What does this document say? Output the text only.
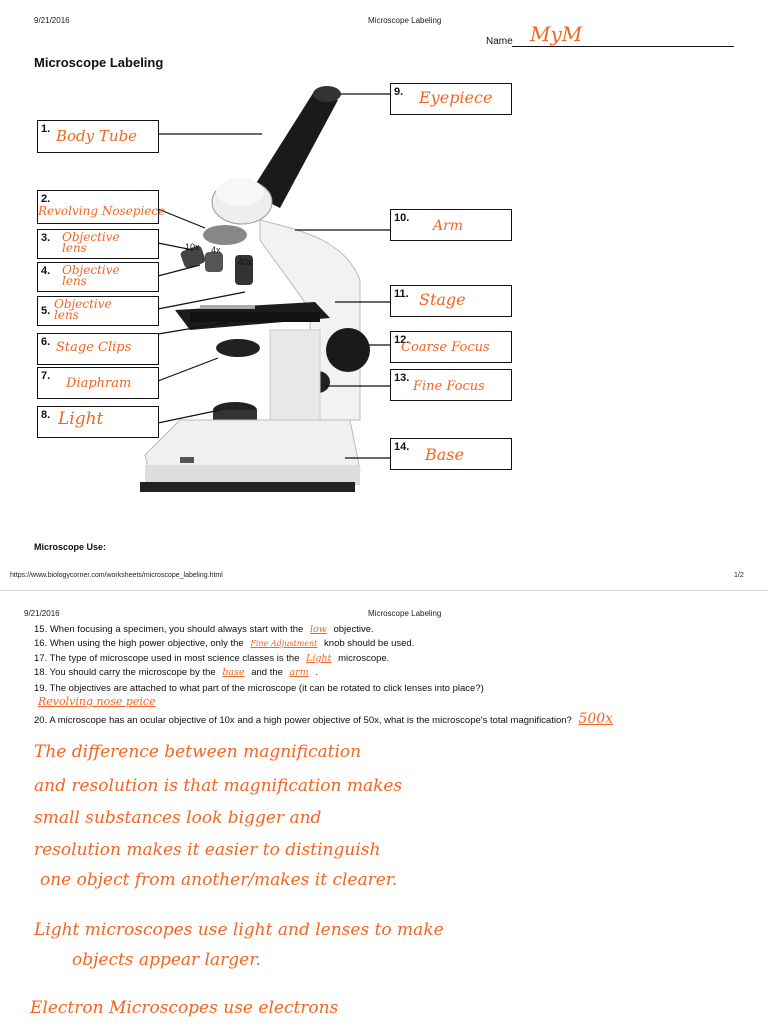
9/21/2016	Microscope Labeling
Name MyM
Microscope Labeling
10x 4x
40x
1. Body Tube
2.
Revolving Nosepiece
3. Objective lens
4. Objective lens
5. Objective lens
6. Stage Clips
7. Diaphram
8. Light
9. Eyepiece
10. Arm
11. Stage
12.
Coarse Focus
13.
Fine Focus
14. Base
Microscope Use:
https://www.biologycorner.com/worksheets/microscope_labeling.html	1/2
9/21/2016	Microscope Labeling
15. When focusing a specimen, you should always start with the low objective.
16. When using the high power objective, only the Fine Adjustment knob should be used.
17. The type of microscope used in most science classes is the Light microscope.
18. You should carry the microscope by the base and the arm .
19. The objectives are attached to what part of the microscope (it can be rotated to click lenses into place?)
Revolving nose peice
20. A microscope has an ocular objective of 10x and a high power objective of 50x, what is the microscope's total magnification? 500x
The difference between magnification
and resolution is that magnification makes
small substances look bigger and
resolution makes it easier to distinguish
one object from another/makes it clearer.
Light microscopes use light and lenses to make
objects appear larger.
Electron Microscopes use electrons
